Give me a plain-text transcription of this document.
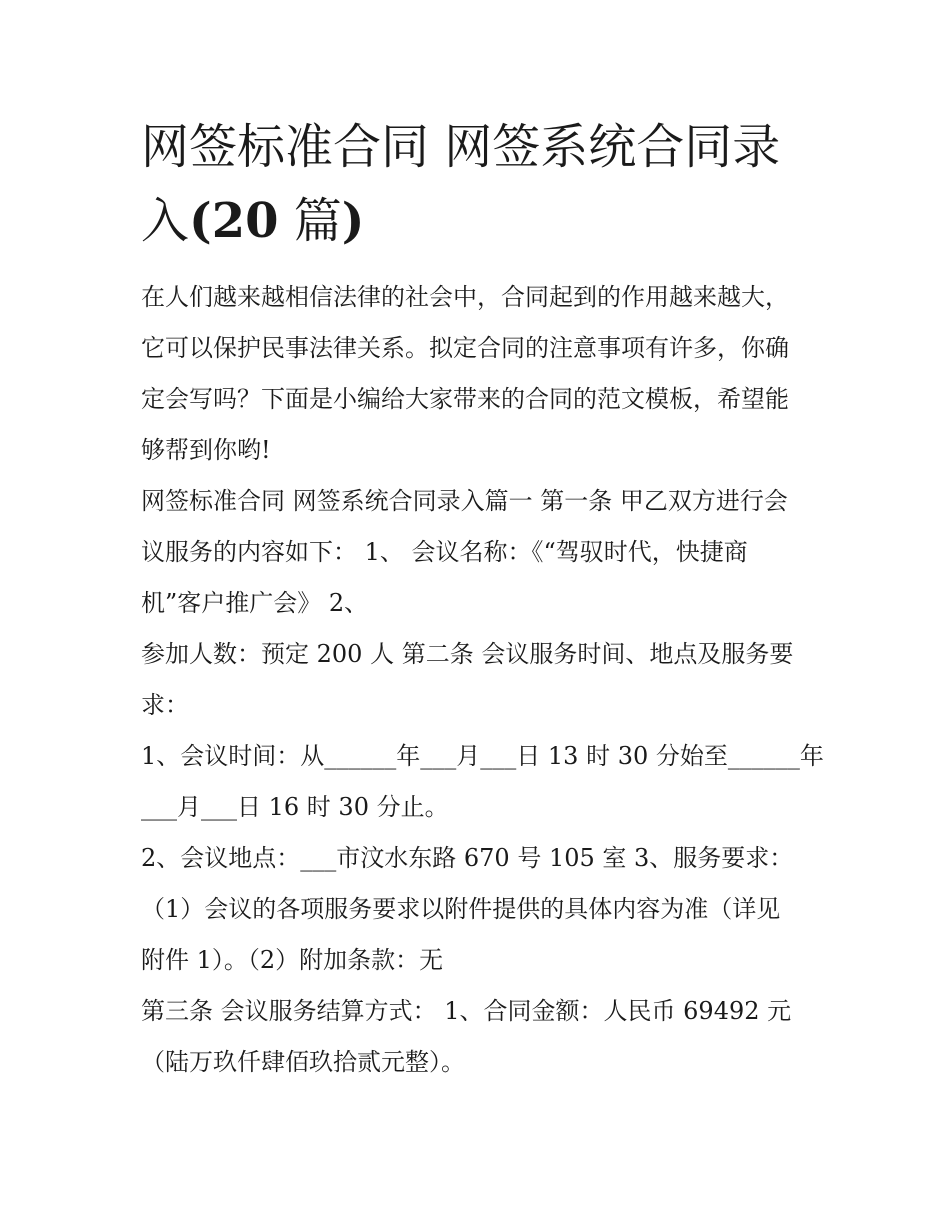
网签标准合同 网签系统合同录
入(20 篇)

在人们越来越相信法律的社会中，合同起到的作用越来越大，
它可以保护民事法律关系。拟定合同的注意事项有许多，你确
定会写吗？下面是小编给大家带来的合同的范文模板，希望能
够帮到你哟!

网签标准合同 网签系统合同录入篇一 第一条 甲乙双方进行会
议服务的内容如下： 1、 会议名称：《“驾驭时代，快捷商
机”客户推广会》 2、

参加人数：预定 200 人 第二条 会议服务时间、地点及服务要
求：

1、会议时间：从______年___月___日 13 时 30 分始至______年
___月___日 16 时 30 分止。

2、会议地点：___市汶水东路 670 号 105 室 3、服务要求：

（1）会议的各项服务要求以附件提供的具体内容为准（详见
附件 1）。（2）附加条款：无

第三条 会议服务结算方式： 1、合同金额：人民币 69492 元
（陆万玖仟肆佰玖拾贰元整）。
